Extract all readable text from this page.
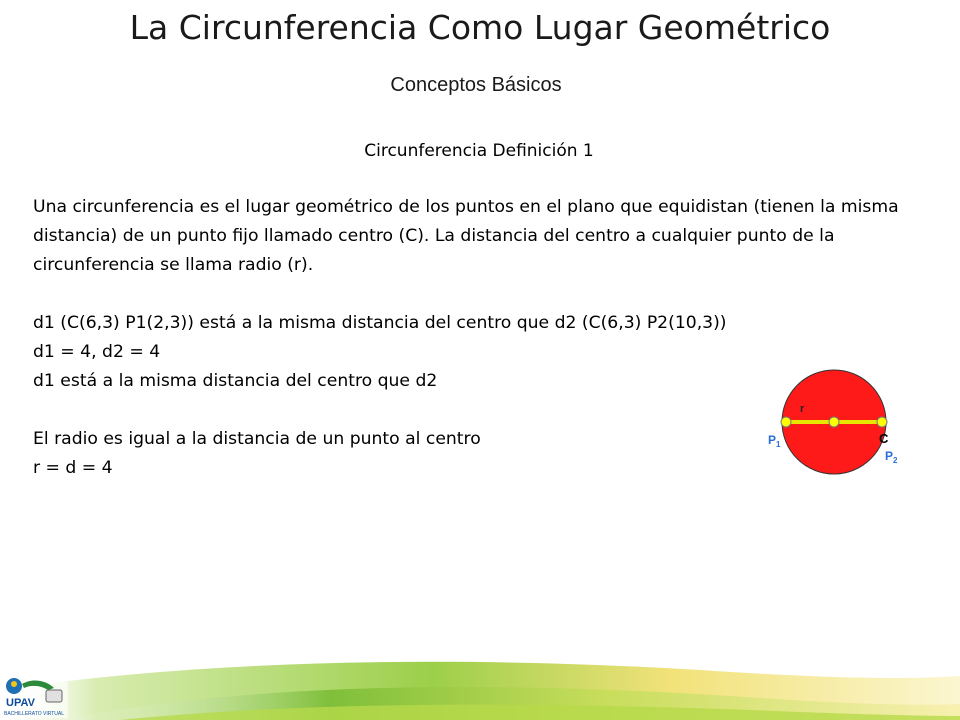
La Circunferencia Como Lugar Geométrico
Conceptos Básicos
Circunferencia Definición 1
Una circunferencia es el lugar geométrico de los puntos en el plano que equidistan (tienen la misma distancia) de un punto fijo llamado centro (C). La distancia del centro a cualquier punto de la circunferencia se llama radio (r).
d1 (C(6,3) P1(2,3)) está a la misma distancia del centro que d2 (C(6,3) P2(10,3))
d1 = 4, d2 = 4
d1 está a la misma distancia del centro que d2
El radio es igual a la distancia de un punto al centro
r = d = 4
r
C
$P_1$
$P_2$
UPAV
BACHILLERATO VIRTUAL
